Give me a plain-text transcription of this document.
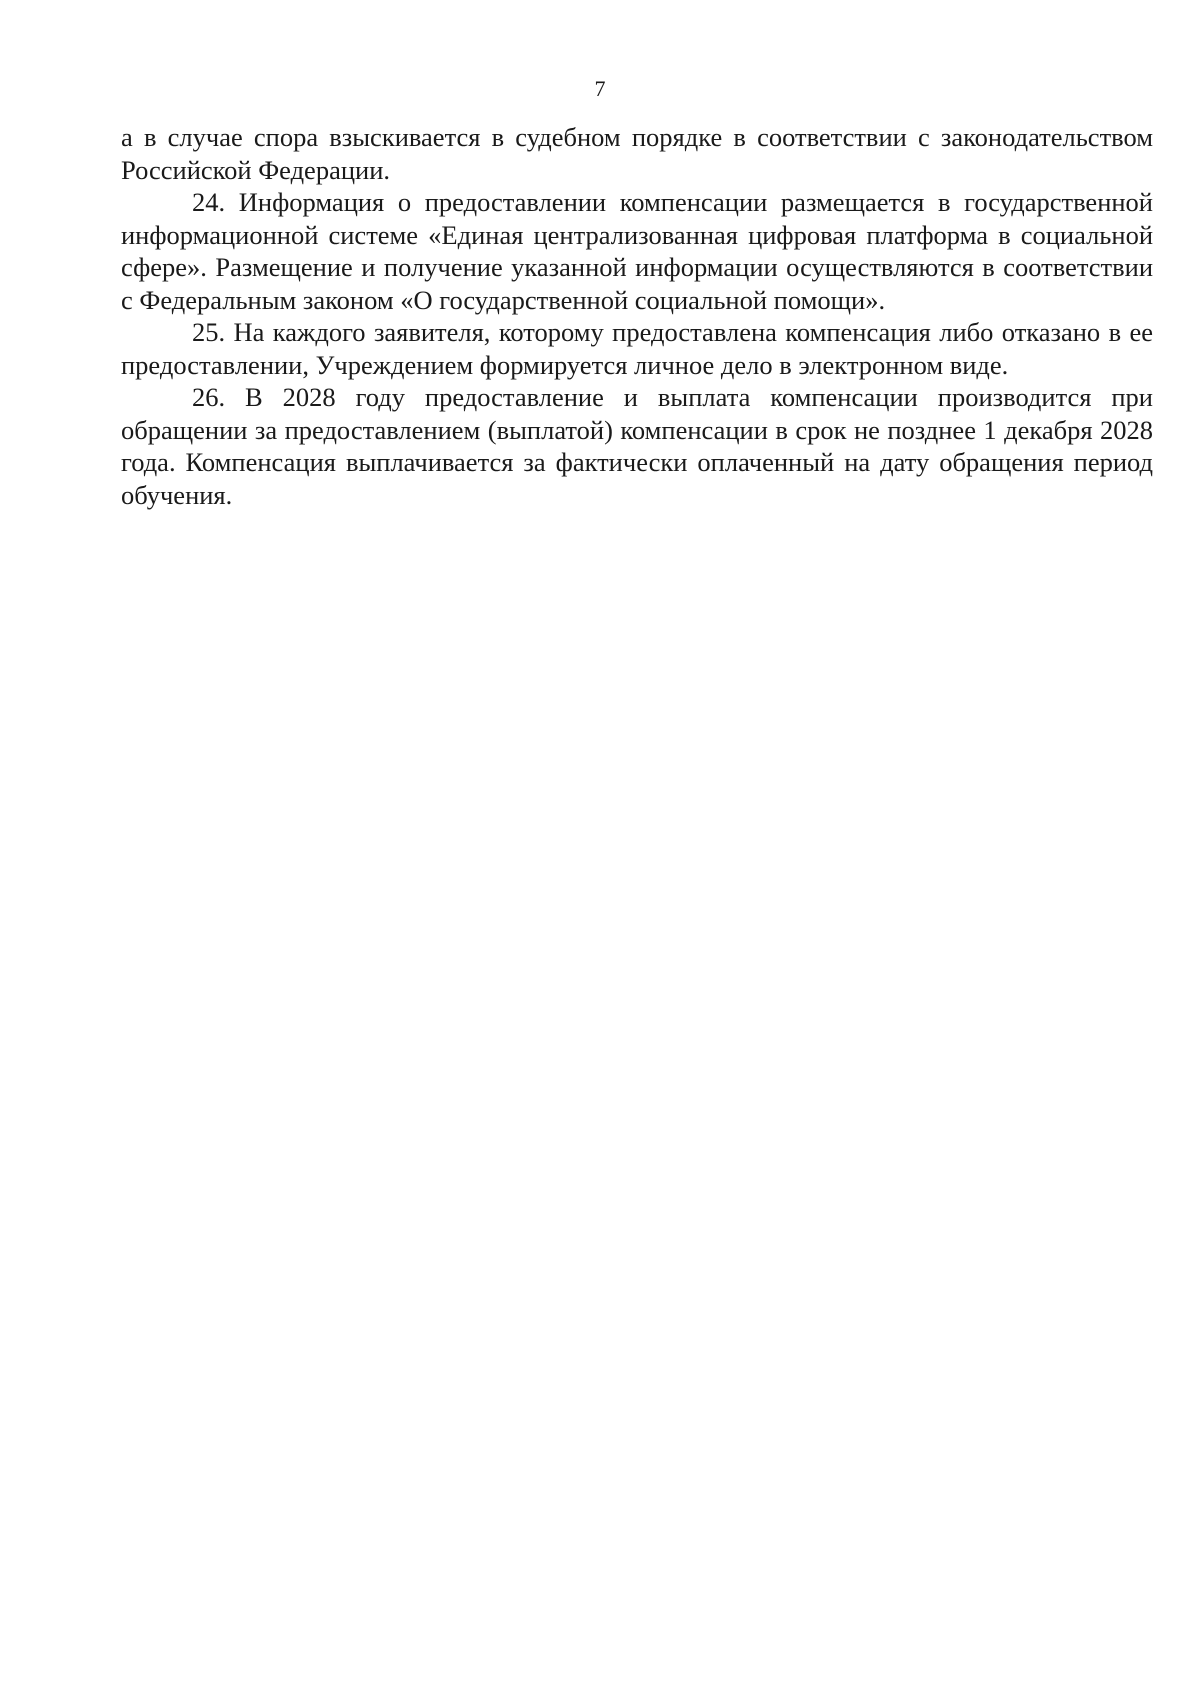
7

а в случае спора взыскивается в судебном порядке в соответствии с законодательством Российской Федерации.

24. Информация о предоставлении компенсации размещается в государственной информационной системе «Единая централизованная цифровая платформа в социальной сфере». Размещение и получение указанной информации осуществляются в соответствии с Федеральным законом «О государственной социальной помощи».

25. На каждого заявителя, которому предоставлена компенсация либо отказано в ее предоставлении, Учреждением формируется личное дело в электронном виде.

26. В 2028 году предоставление и выплата компенсации производится при обращении за предоставлением (выплатой) компенсации в срок не позднее 1 декабря 2028 года. Компенсация выплачивается за фактически оплаченный на дату обращения период обучения.
